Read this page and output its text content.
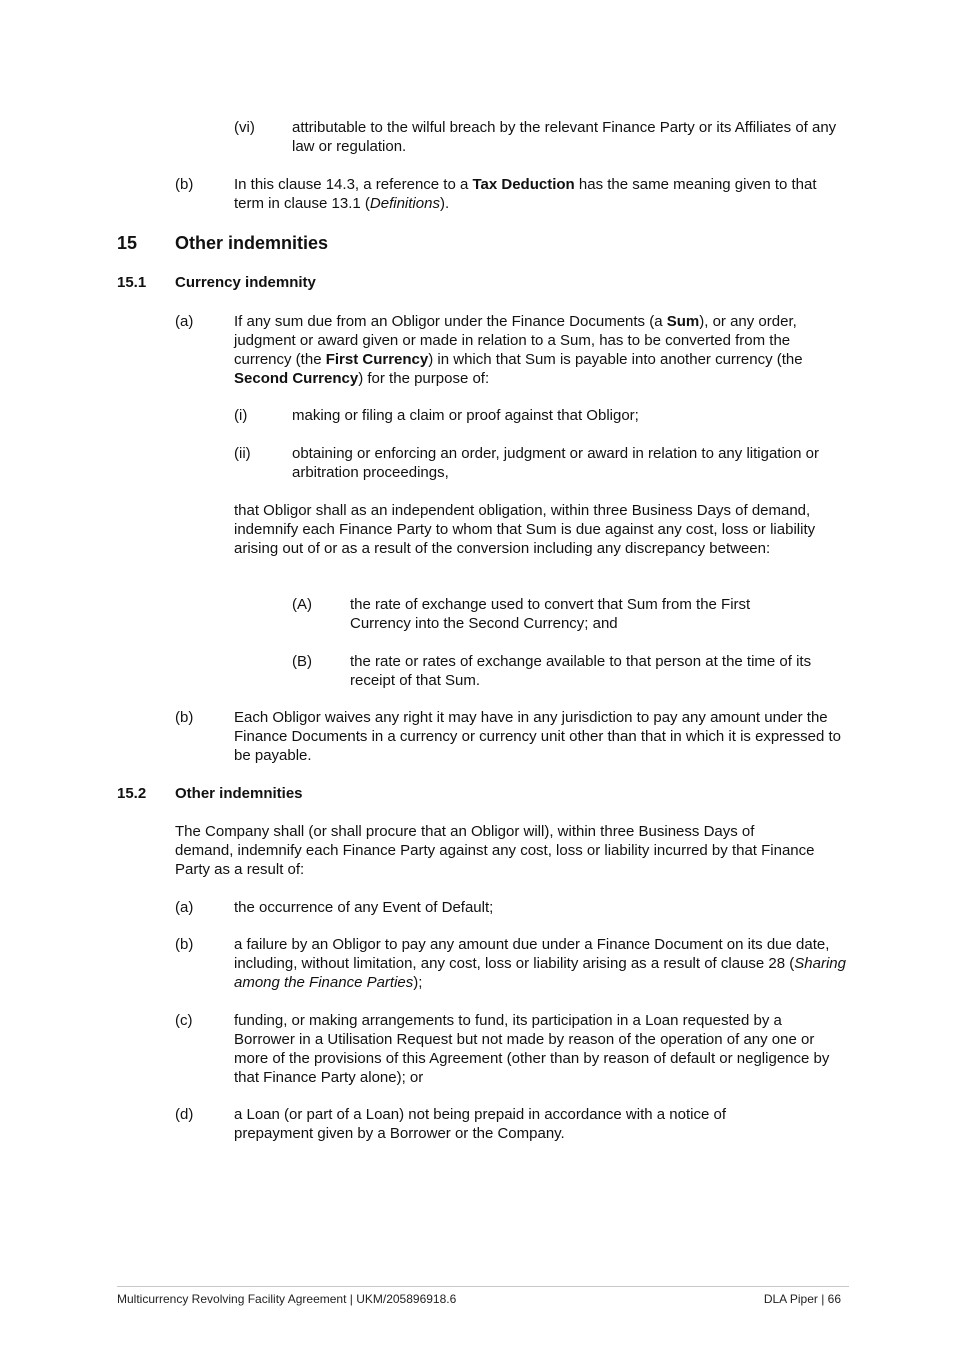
(vi) attributable to the wilful breach by the relevant Finance Party or its Affiliates of any law or regulation.
(b)	In this clause 14.3, a reference to a Tax Deduction has the same meaning given to that term in clause 13.1 (Definitions).
15 Other indemnities
15.1 Currency indemnity
(a)	If any sum due from an Obligor under the Finance Documents (a Sum), or any order, judgment or award given or made in relation to a Sum, has to be converted from the currency (the First Currency) in which that Sum is payable into another currency (the Second Currency) for the purpose of:
(i)	making or filing a claim or proof against that Obligor;
(ii)	obtaining or enforcing an order, judgment or award in relation to any litigation or arbitration proceedings,
that Obligor shall as an independent obligation, within three Business Days of demand, indemnify each Finance Party to whom that Sum is due against any cost, loss or liability arising out of or as a result of the conversion including any discrepancy between:
(A)	the rate of exchange used to convert that Sum from the First Currency into the Second Currency; and
(B)	the rate or rates of exchange available to that person at the time of its receipt of that Sum.
(b)	Each Obligor waives any right it may have in any jurisdiction to pay any amount under the Finance Documents in a currency or currency unit other than that in which it is expressed to be payable.
15.2 Other indemnities
The Company shall (or shall procure that an Obligor will), within three Business Days of demand, indemnify each Finance Party against any cost, loss or liability incurred by that Finance Party as a result of:
(a)	the occurrence of any Event of Default;
(b)	a failure by an Obligor to pay any amount due under a Finance Document on its due date, including, without limitation, any cost, loss or liability arising as a result of clause 28 (Sharing among the Finance Parties);
(c)	funding, or making arrangements to fund, its participation in a Loan requested by a Borrower in a Utilisation Request but not made by reason of the operation of any one or more of the provisions of this Agreement (other than by reason of default or negligence by that Finance Party alone); or
(d)	a Loan (or part of a Loan) not being prepaid in accordance with a notice of prepayment given by a Borrower or the Company.
Multicurrency Revolving Facility Agreement | UKM/205896918.6	DLA Piper | 66
